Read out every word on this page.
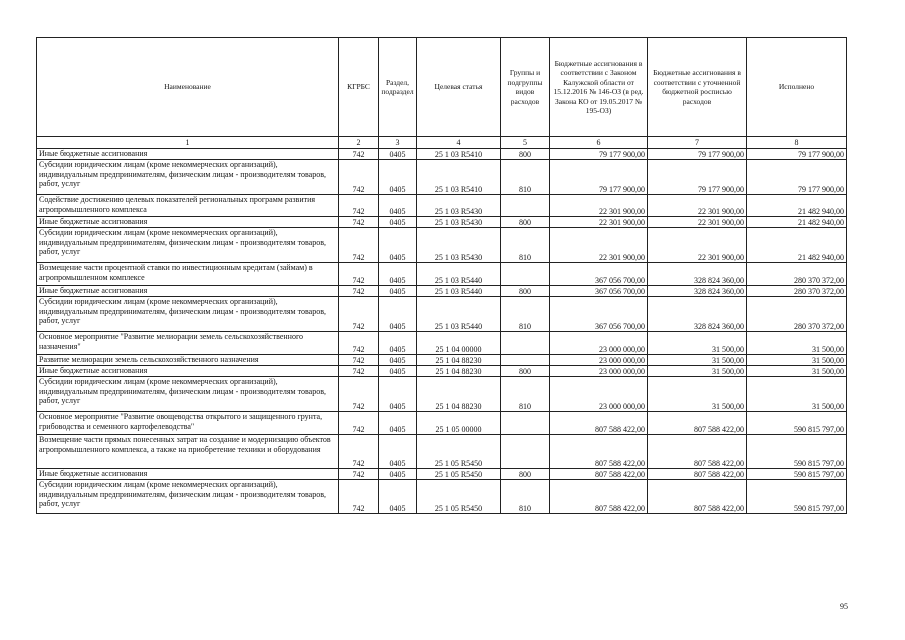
Наименование	КГРБС	Раздел, подраздел	Целевая статья	Группы и подгруппы видов расходов	Бюджетные ассигнования в соответствии с Законом Калужской области от 15.12.2016 № 146-ОЗ (в ред. Закона КО от 19.05.2017 № 195-ОЗ)	Бюджетные ассигнования в соответствии с уточненной бюджетной росписью расходов	Исполнено
1	2	3	4	5	6	7	8
Иные бюджетные ассигнования	742	0405	25 1 03 R5410	800	79 177 900,00	79 177 900,00	79 177 900,00
Субсидии юридическим лицам (кроме некоммерческих организаций), индивидуальным предпринимателям, физическим лицам - производителям товаров, работ, услуг	742	0405	25 1 03 R5410	810	79 177 900,00	79 177 900,00	79 177 900,00
Содействие достижению целевых показателей региональных программ развития агропромышленного комплекса	742	0405	25 1 03 R5430		22 301 900,00	22 301 900,00	21 482 940,00
Иные бюджетные ассигнования	742	0405	25 1 03 R5430	800	22 301 900,00	22 301 900,00	21 482 940,00
Субсидии юридическим лицам (кроме некоммерческих организаций), индивидуальным предпринимателям, физическим лицам - производителям товаров, работ, услуг	742	0405	25 1 03 R5430	810	22 301 900,00	22 301 900,00	21 482 940,00
Возмещение части процентной ставки по инвестиционным кредитам (займам) в агропромышленном комплексе	742	0405	25 1 03 R5440		367 056 700,00	328 824 360,00	280 370 372,00
Иные бюджетные ассигнования	742	0405	25 1 03 R5440	800	367 056 700,00	328 824 360,00	280 370 372,00
Субсидии юридическим лицам (кроме некоммерческих организаций), индивидуальным предпринимателям, физическим лицам - производителям товаров, работ, услуг	742	0405	25 1 03 R5440	810	367 056 700,00	328 824 360,00	280 370 372,00
Основное мероприятие "Развитие мелиорации земель сельскохозяйственного назначения"	742	0405	25 1 04 00000		23 000 000,00	31 500,00	31 500,00
Развитие мелиорации земель сельскохозяйственного назначения	742	0405	25 1 04 88230		23 000 000,00	31 500,00	31 500,00
Иные бюджетные ассигнования	742	0405	25 1 04 88230	800	23 000 000,00	31 500,00	31 500,00
Субсидии юридическим лицам (кроме некоммерческих организаций), индивидуальным предпринимателям, физическим лицам - производителям товаров, работ, услуг	742	0405	25 1 04 88230	810	23 000 000,00	31 500,00	31 500,00
Основное мероприятие "Развитие овощеводства открытого и защищенного грунта, грибоводства и семенного картофелеводства"	742	0405	25 1 05 00000		807 588 422,00	807 588 422,00	590 815 797,00
Возмещение части прямых понесенных затрат на создание и модернизацию объектов агропромышленного комплекса, а также на приобретение техники и оборудования	742	0405	25 1 05 R5450		807 588 422,00	807 588 422,00	590 815 797,00
Иные бюджетные ассигнования	742	0405	25 1 05 R5450	800	807 588 422,00	807 588 422,00	590 815 797,00
Субсидии юридическим лицам (кроме некоммерческих организаций), индивидуальным предпринимателям, физическим лицам - производителям товаров, работ, услуг	742	0405	25 1 05 R5450	810	807 588 422,00	807 588 422,00	590 815 797,00
95
